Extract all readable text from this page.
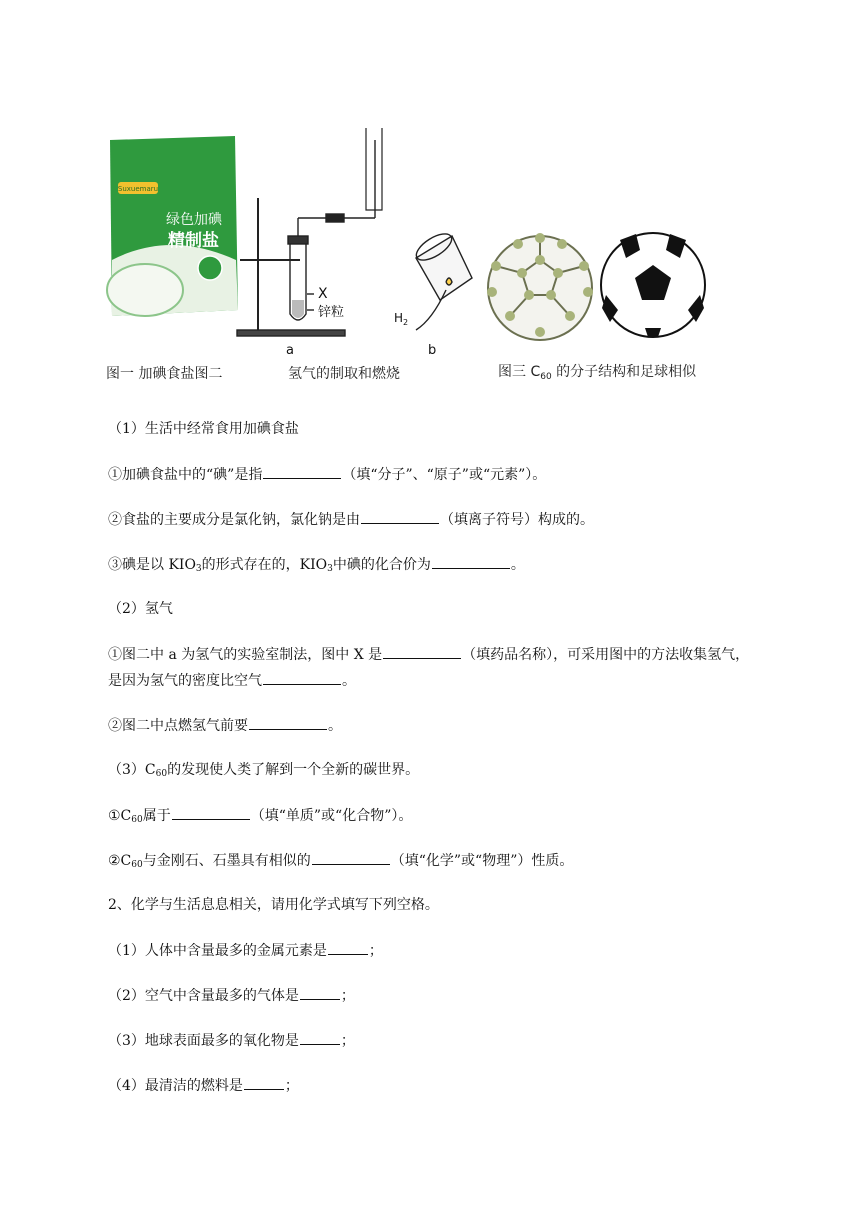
Suxuemaru
绿色加碘
精制盐
X
锌粒
a
$H_2$
b
图一 加碘食盐图二	氢气的制取和燃烧	图三 $C_{60}$ 的分子结构和足球相似
（1）生活中经常食用加碘食盐
①加碘食盐中的“碘”是指	（填“分子”、“原子”或“元素”）。
②食盐的主要成分是氯化钠，氯化钠是由	（填离子符号）构成的。
③碘是以 $KIO_3$的形式存在的，$KIO_3$中碘的化合价为	。
（2）氢气
①图二中 a 为氢气的实验室制法，图中 X 是	（填药品名称），可采用图中的方法收集氢气，
是因为氢气的密度比空气	。
②图二中点燃氢气前要	。
$(3)C_{60}$的发现使人类了解到一个全新的碳世界。
$①C_{60}$属于	（填“单质”或“化合物”）。
$②C_{60}$与金刚石、石墨具有相似的	（填“化学”或“物理”）性质。
2、化学与生活息息相关，请用化学式填写下列空格。
（1）人体中含量最多的金属元素是	；
（2）空气中含量最多的气体是	；
（3）地球表面最多的氧化物是	；
（4）最清洁的燃料是	；
